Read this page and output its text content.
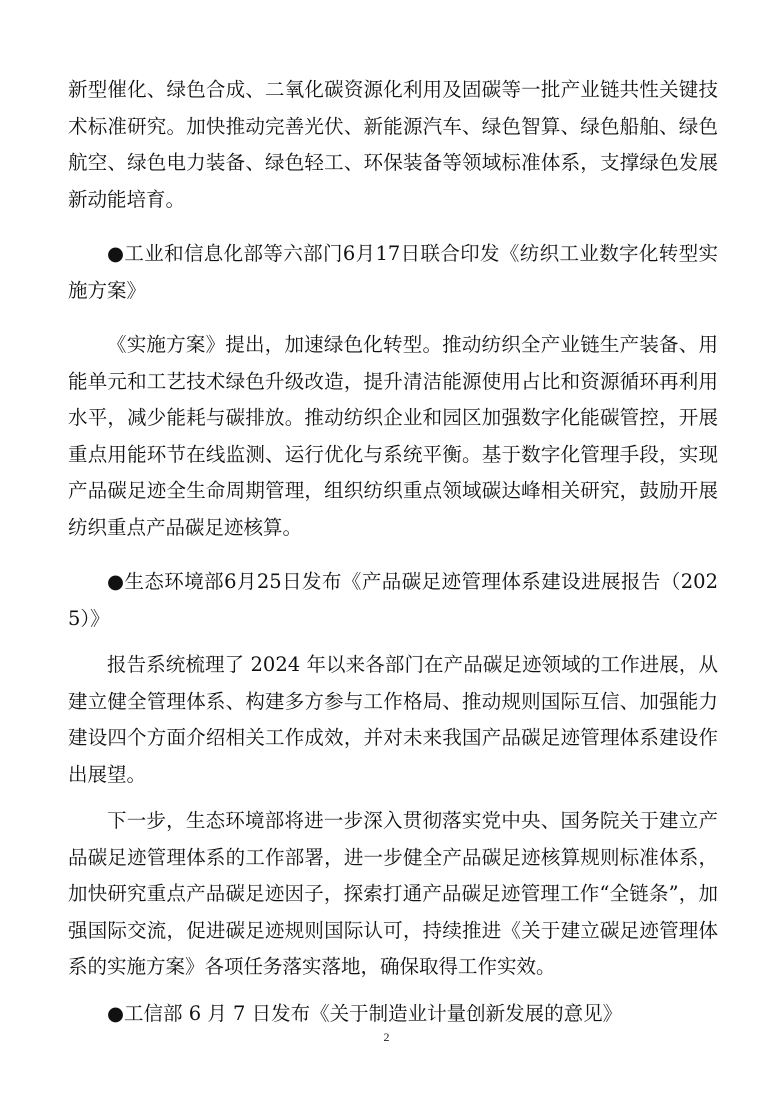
新型催化、绿色合成、二氧化碳资源化利用及固碳等一批产业链共性关键技术标准研究。加快推动完善光伏、新能源汽车、绿色智算、绿色船舶、绿色航空、绿色电力装备、绿色轻工、环保装备等领域标准体系，支撑绿色发展新动能培育。

●工业和信息化部等六部门6月17日联合印发《纺织工业数字化转型实施方案》

《实施方案》提出，加速绿色化转型。推动纺织全产业链生产装备、用能单元和工艺技术绿色升级改造，提升清洁能源使用占比和资源循环再利用水平，减少能耗与碳排放。推动纺织企业和园区加强数字化能碳管控，开展重点用能环节在线监测、运行优化与系统平衡。基于数字化管理手段，实现产品碳足迹全生命周期管理，组织纺织重点领域碳达峰相关研究，鼓励开展纺织重点产品碳足迹核算。

●生态环境部6月25日发布《产品碳足迹管理体系建设进展报告（2025）》

报告系统梳理了 2024 年以来各部门在产品碳足迹领域的工作进展，从建立健全管理体系、构建多方参与工作格局、推动规则国际互信、加强能力建设四个方面介绍相关工作成效，并对未来我国产品碳足迹管理体系建设作出展望。

下一步，生态环境部将进一步深入贯彻落实党中央、国务院关于建立产品碳足迹管理体系的工作部署，进一步健全产品碳足迹核算规则标准体系，加快研究重点产品碳足迹因子，探索打通产品碳足迹管理工作“全链条”，加强国际交流，促进碳足迹规则国际认可，持续推进《关于建立碳足迹管理体系的实施方案》各项任务落实落地，确保取得工作实效。

●工信部 6 月 7 日发布《关于制造业计量创新发展的意见》

2
